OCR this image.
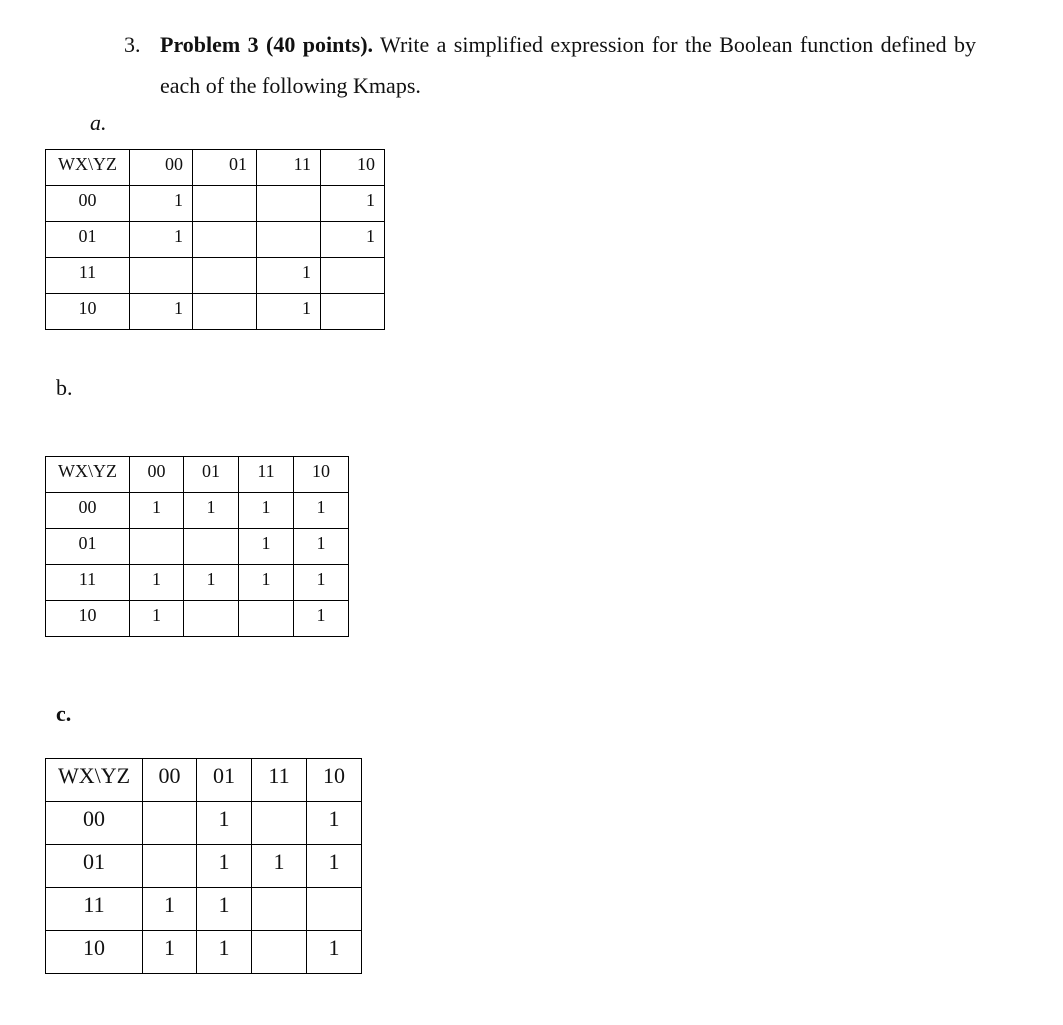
3. Problem 3 (40 points). Write a simplified expression for the Boolean function defined by each of the following Kmaps.
a.
WX\YZ	00	01	11	10
00	1			1
01	1			1
11			1	
10	1		1	
b.
WX\YZ	00	01	11	10
00	1	1	1	1
01			1	1
11	1	1	1	1
10	1			1
c.
WX\YZ	00	01	11	10
00		1		1
01		1	1	1
11	1	1		
10	1	1		1
